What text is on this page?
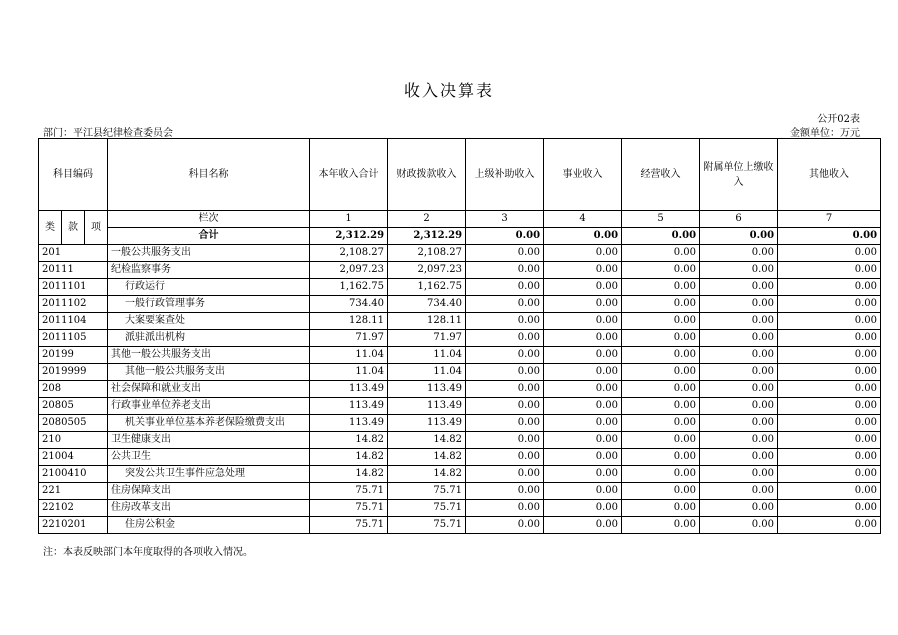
收入决算表
公开02表
部门：平江县纪律检查委员会	金额单位：万元
科目编码			科目名称	本年收入合计	财政拨款收入	上级补助收入	事业收入	经营收入	附属单位上缴收入	其他收入
类	款	项	栏次	1	2	3	4	5	6	7
			合计	2,312.29	2,312.29	0.00	0.00	0.00	0.00	0.00
201			一般公共服务支出	2,108.27	2,108.27	0.00	0.00	0.00	0.00	0.00
20111			纪检监察事务	2,097.23	2,097.23	0.00	0.00	0.00	0.00	0.00
2011101			行政运行	1,162.75	1,162.75	0.00	0.00	0.00	0.00	0.00
2011102			一般行政管理事务	734.40	734.40	0.00	0.00	0.00	0.00	0.00
2011104			大案要案查处	128.11	128.11	0.00	0.00	0.00	0.00	0.00
2011105			派驻派出机构	71.97	71.97	0.00	0.00	0.00	0.00	0.00
20199			其他一般公共服务支出	11.04	11.04	0.00	0.00	0.00	0.00	0.00
2019999			其他一般公共服务支出	11.04	11.04	0.00	0.00	0.00	0.00	0.00
208			社会保障和就业支出	113.49	113.49	0.00	0.00	0.00	0.00	0.00
20805			行政事业单位养老支出	113.49	113.49	0.00	0.00	0.00	0.00	0.00
2080505			机关事业单位基本养老保险缴费支出	113.49	113.49	0.00	0.00	0.00	0.00	0.00
210			卫生健康支出	14.82	14.82	0.00	0.00	0.00	0.00	0.00
21004			公共卫生	14.82	14.82	0.00	0.00	0.00	0.00	0.00
2100410			突发公共卫生事件应急处理	14.82	14.82	0.00	0.00	0.00	0.00	0.00
221			住房保障支出	75.71	75.71	0.00	0.00	0.00	0.00	0.00
22102			住房改革支出	75.71	75.71	0.00	0.00	0.00	0.00	0.00
2210201			住房公积金	75.71	75.71	0.00	0.00	0.00	0.00	0.00
注：本表反映部门本年度取得的各项收入情况。
